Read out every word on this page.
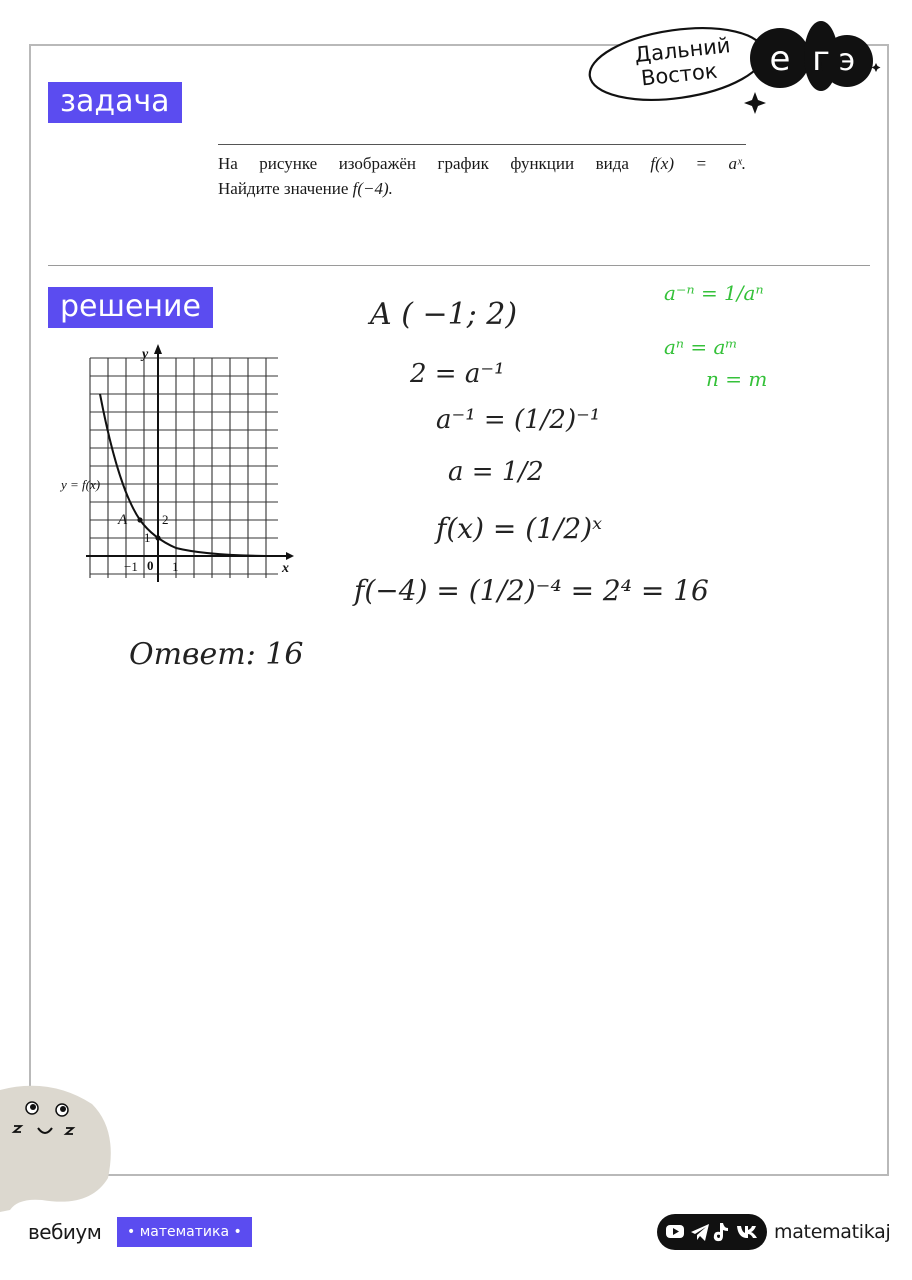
Дальний
Восток е г э
задача
На рисунке изображён график функции вида f(x) = aˣ.
Найдите значение f(−4).
решение
y
x
y = f(x)
A	2
1
−1 0 1
A ( −1; 2)
2 = a⁻¹
a⁻¹ = (1/2)⁻¹
a = 1/2
f(x) = (1/2)ˣ
f(−4) = (1/2)⁻⁴ = 2⁴ = 16
a⁻ⁿ = 1/aⁿ
aⁿ = aᵐ
n = m
Ответ: 16
вебиум	• математика •	matematikaj
